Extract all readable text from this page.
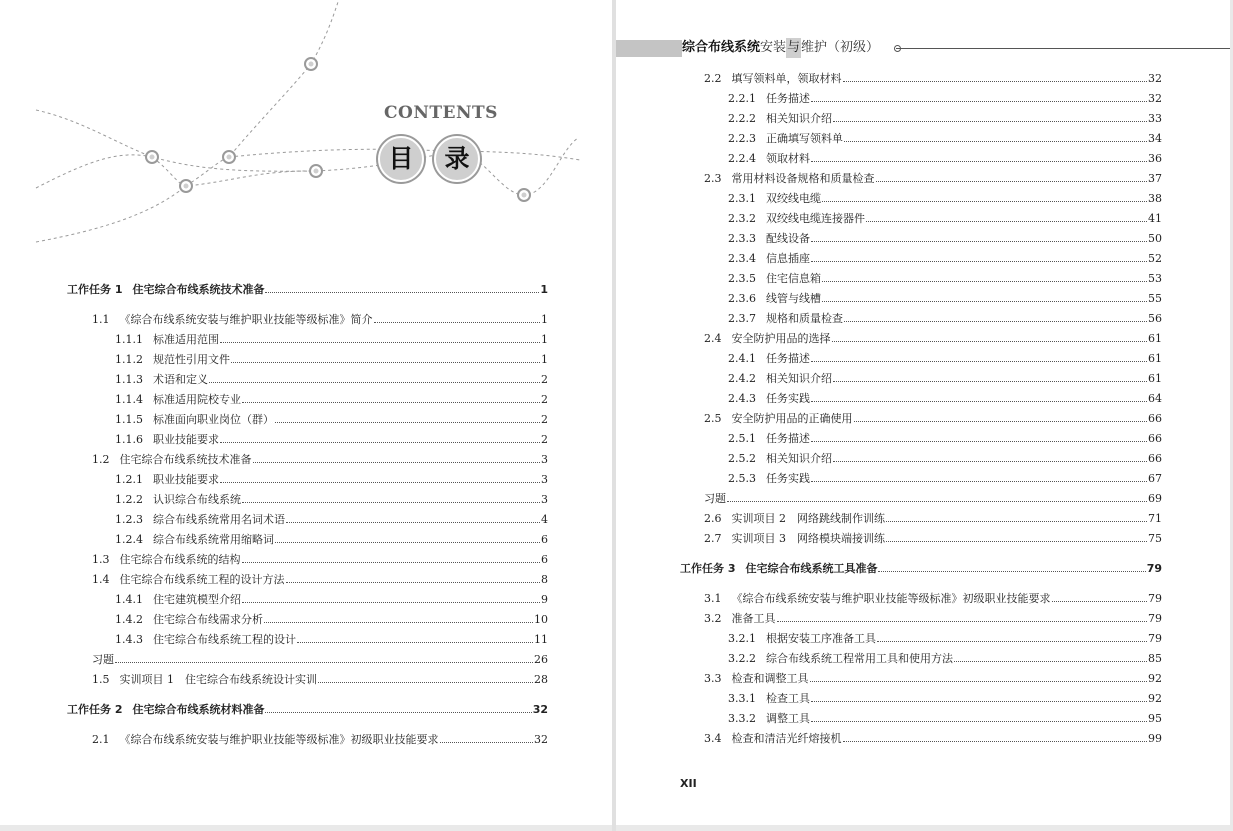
CONTENTS
目	录
工作任务 1 住宅综合布线系统技术准备	1
1.1 《综合布线系统安装与维护职业技能等级标准》简介	1
1.1.1 标准适用范围	1
1.1.2 规范性引用文件	1
1.1.3 术语和定义	2
1.1.4 标准适用院校专业	2
1.1.5 标准面向职业岗位（群）	2
1.1.6 职业技能要求	2
1.2 住宅综合布线系统技术准备	3
1.2.1 职业技能要求	3
1.2.2 认识综合布线系统	3
1.2.3 综合布线系统常用名词术语	4
1.2.4 综合布线系统常用缩略词	6
1.3 住宅综合布线系统的结构	6
1.4 住宅综合布线系统工程的设计方法	8
1.4.1 住宅建筑模型介绍	9
1.4.2 住宅综合布线需求分析	10
1.4.3 住宅综合布线系统工程的设计	11
习题	26
1.5 实训项目 1　住宅综合布线系统设计实训	28
工作任务 2 住宅综合布线系统材料准备	32
2.1 《综合布线系统安装与维护职业技能等级标准》初级职业技能要求	32
综合布线系统安装与维护（初级）
2.2 填写领料单，领取材料	32
2.2.1 任务描述	32
2.2.2 相关知识介绍	33
2.2.3 正确填写领料单	34
2.2.4 领取材料	36
2.3 常用材料设备规格和质量检查	37
2.3.1 双绞线电缆	38
2.3.2 双绞线电缆连接器件	41
2.3.3 配线设备	50
2.3.4 信息插座	52
2.3.5 住宅信息箱	53
2.3.6 线管与线槽	55
2.3.7 规格和质量检查	56
2.4 安全防护用品的选择	61
2.4.1 任务描述	61
2.4.2 相关知识介绍	61
2.4.3 任务实践	64
2.5 安全防护用品的正确使用	66
2.5.1 任务描述	66
2.5.2 相关知识介绍	66
2.5.3 任务实践	67
习题	69
2.6 实训项目 2　网络跳线制作训练	71
2.7 实训项目 3　网络模块端接训练	75
工作任务 3 住宅综合布线系统工具准备	79
3.1 《综合布线系统安装与维护职业技能等级标准》初级职业技能要求	79
3.2 准备工具	79
3.2.1 根据安装工序准备工具	79
3.2.2 综合布线系统工程常用工具和使用方法	85
3.3 检查和调整工具	92
3.3.1 检查工具	92
3.3.2 调整工具	95
3.4 检查和清洁光纤熔接机	99
XII
